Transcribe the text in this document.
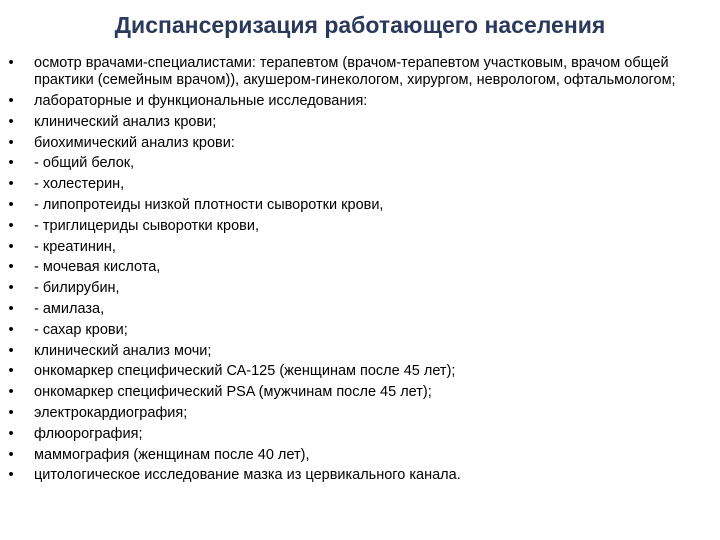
Диспансеризация работающего населения
• осмотр врачами-специалистами: терапевтом (врачом-терапевтом участковым, врачом общей практики (семейным врачом)), акушером-гинекологом, хирургом, неврологом, офтальмологом;
• лабораторные и функциональные исследования:
• клинический анализ крови;
• биохимический анализ крови:
• - общий белок,
• - холестерин,
• - липопротеиды низкой плотности сыворотки крови,
• - триглицериды сыворотки крови,
• - креатинин,
• - мочевая кислота,
• - билирубин,
• - амилаза,
• - сахар крови;
• клинический анализ мочи;
• онкомаркер специфический СА-125 (женщинам после 45 лет);
• онкомаркер специфический PSA (мужчинам после 45 лет);
• электрокардиография;
• флюорография;
• маммография (женщинам после 40 лет),
• цитологическое исследование мазка из цервикального канала.
